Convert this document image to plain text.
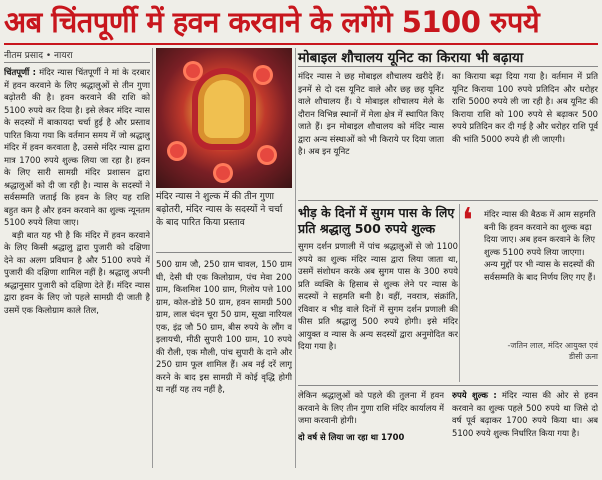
अब चिंतपूर्णी में हवन करवाने के लगेंगे 5100 रुपये
नीतम प्रसाद • नायरा
चिंतपूर्णी : मंदिर न्यास चिंतपूर्णी ने मां के दरबार में हवन करवाने के लिए श्रद्धालुओं से तीन गुणा बढ़ोतरी की है। हवन करवाने की राशि को 5100 रुपये कर दिया है। इसे लेकर मंदिर न्यास के सदस्यों में बाकायदा चर्चा हुई है और प्रस्ताव पारित किया गया कि वर्तमान समय में जो श्रद्धालु मंदिर में हवन करवाता है, उससे मंदिर न्यास द्वारा मात्र 1700 रुपये शुल्क लिया जा रहा है। हवन के लिए सारी सामग्री मंदिर प्रशासन द्वारा श्रद्धालुओं को दी जा रही है। न्यास के सदस्यों ने सर्वसम्मति जताई कि हवन के लिए यह राशि बहुत कम है और हवन करवाने का शुल्क न्यूनतम 5100 रुपये लिया जाए।
बड़ी बात यह भी है कि मंदिर में हवन करवाने के लिए किसी श्रद्धालु द्वारा पुजारी को दक्षिणा देने का अलग प्रविधान है और 5100 रुपये में पुजारी की दक्षिणा शामिल नहीं है। श्रद्धालु अपनी श्रद्धानुसार पुजारी को दक्षिणा देते हैं। मंदिर न्यास द्वारा हवन के लिए जो पहले सामग्री दी जाती है उसमें एक किलोग्राम काले तिल,
मंदिर न्यास ने शुल्क में की तीन गुणा बढ़ोतरी, मंदिर न्यास के सदस्यों ने चर्चा के बाद पारित किया प्रस्ताव
500 ग्राम जौ, 250 ग्राम चावल, 150 ग्राम घी, देसी घी एक किलोग्राम, पंच मेवा 200 ग्राम, किशमिश 100 ग्राम, गिलोय पत्ते 100 ग्राम, कोल-डोडे 50 ग्राम, हवन सामग्री 500 ग्राम, लाल चंदन चूरा 50 ग्राम, सूखा नारियल एक, इंद्र जौ 50 ग्राम, बीस रुपये के लौंग व इलायची, मीठी सुपारी 100 ग्राम, 10 रुपये की रौली, एक मौली, पांच सुपारी के दाने और 250 ग्राम फूल शामिल हैं। अब नई दरें लागू करने के बाद इस सामग्री में कोई वृद्धि होगी या नहीं यह तय नहीं है,
मोबाइल शौचालय यूनिट का किराया भी बढ़ाया
मंदिर न्यास ने छह मोबाइल शौचालय खरीदे हैं। इनमें से दो दस यूनिट वाले और छह छह यूनिट वाले शौचालय हैं। ये मोबाइल शौचालय मेले के दौरान विभिन्न स्थानों में मेला क्षेत्र में स्थापित किए जाते हैं। इन मोबाइल शौचालय को मंदिर न्यास द्वारा अन्य संस्थाओं को भी किराये पर दिया जाता है। अब इन यूनिट
का किराया बढ़ा दिया गया है। वर्तमान में प्रति यूनिट किराया 100 रुपये प्रतिदिन और धरोहर राशि 5000 रुपये ली जा रही है। अब यूनिट की किराया राशि को 100 रुपये से बढ़ाकर 500 रुपये प्रतिदिन कर दी गई है और धरोहर राशि पूर्व की भांति 5000 रुपये ही ली जाएगी।
भीड़ के दिनों में सुगम पास के लिए प्रति श्रद्धालु 500 रुपये शुल्क
सुगम दर्शन प्रणाली में पांच श्रद्धालुओं से जो 1100 रुपये का शुल्क मंदिर न्यास द्वारा लिया जाता था, उसमें संशोधन करके अब सुगम पास के 300 रुपये प्रति व्यक्ति के हिसाब से शुल्क लेने पर न्यास के सदस्यों ने सहमति बनी है। वहीं, नवरात्र, संक्रांति, रविवार व भीड़ वाले दिनों में सुगम दर्शन प्रणाली की फीस प्रति श्रद्धालु 500 रुपये होगी। इसे मंदिर आयुक्त व न्यास के अन्य सदस्यों द्वारा अनुमोदित कर दिया गया है।
❛ मंदिर न्यास की बैठक में आम सहमति बनी कि हवन करवाने का शुल्क बढ़ा दिया जाए। अब हवन करवाने के लिए शुल्क 5100 रुपये लिया जाएगा। अन्य मुद्दों पर भी न्यास के सदस्यों की सर्वसम्मति के बाद निर्णय लिए गए हैं।
-जतिन लाल, मंदिर आयुक्त एवं डीसी ऊना
लेकिन श्रद्धालुओं को पहले की तुलना में हवन करवाने के लिए तीन गुणा राशि मंदिर कार्यालय में जमा करवानी होगी।
दो वर्ष से लिया जा रहा था 1700
रुपये शुल्क : मंदिर न्यास की ओर से हवन करवाने का शुल्क पहले 500 रुपये था जिसे दो वर्ष पूर्व बढ़ाकर 1700 रुपये किया था। अब 5100 रुपये शुल्क निर्धारित किया गया है।
